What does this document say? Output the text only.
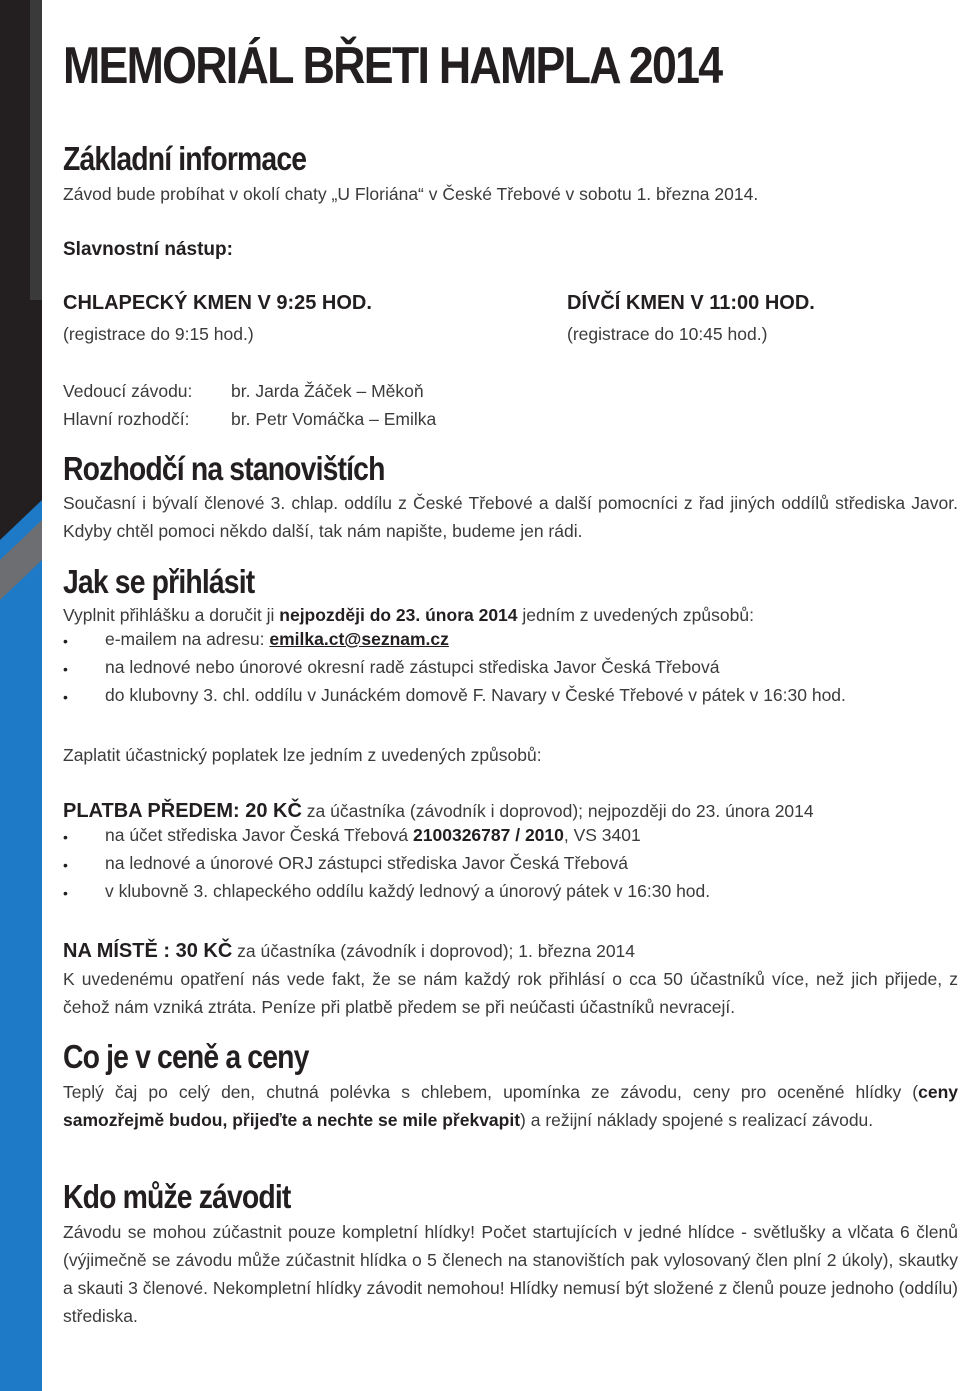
MEMORIÁL BŘETI HAMPLA 2014
Základní informace
Závod bude probíhat v okolí chaty „U Floriána“ v České Třebové v sobotu 1. března 2014.
Slavnostní nástup:
CHLAPECKÝ KMEN V 9:25 HOD.
(registrace do 9:15 hod.)
DÍVČÍ KMEN V 11:00 HOD.
(registrace do 10:45 hod.)
Vedoucí závodu: br. Jarda Žáček – Měkoň
Hlavní rozhodčí: br. Petr Vomáčka – Emilka
Rozhodčí na stanovištích
Současní i bývalí členové 3. chlap. oddílu z České Třebové a další pomocníci z řad jiných oddílů střediska Javor. Kdyby chtěl pomoci někdo další, tak nám napište, budeme jen rádi.
Jak se přihlásit
Vyplnit přihlášku a doručit ji nejpozději do 23. února 2014 jedním z uvedených způsobů:
• e-mailem na adresu: emilka.ct@seznam.cz
• na lednové nebo únorové okresní radě zástupci střediska Javor Česká Třebová
• do klubovny 3. chl. oddílu v Junáckém domově F. Navary v České Třebové v pátek v 16:30 hod.
Zaplatit účastnický poplatek lze jedním z uvedených způsobů:
PLATBA PŘEDEM: 20 KČ za účastníka (závodník i doprovod); nejpozději do 23. února 2014
• na účet střediska Javor Česká Třebová 2100326787 / 2010, VS 3401
• na lednové a únorové ORJ zástupci střediska Javor Česká Třebová
• v klubovně 3. chlapeckého oddílu každý lednový a únorový pátek v 16:30 hod.
NA MÍSTĚ : 30 KČ za účastníka (závodník i doprovod); 1. března 2014
K uvedenému opatření nás vede fakt, že se nám každý rok přihlásí o cca 50 účastníků více, než jich přijede, z čehož nám vzniká ztráta. Peníze při platbě předem se při neúčasti účastníků nevracejí.
Co je v ceně a ceny
Teplý čaj po celý den, chutná polévka s chlebem, upomínka ze závodu, ceny pro oceněné hlídky (ceny samozřejmě budou, přijeďte a nechte se mile překvapit) a režijní náklady spojené s realizací závodu.
Kdo může závodit
Závodu se mohou zúčastnit pouze kompletní hlídky! Počet startujících v jedné hlídce - světlušky a vlčata 6 členů (výjimečně se závodu může zúčastnit hlídka o 5 členech na stanovištích pak vylosovaný člen plní 2 úkoly), skautky a skauti 3 členové. Nekompletní hlídky závodit nemohou! Hlídky nemusí být složené z členů pouze jednoho (oddílu) střediska.
